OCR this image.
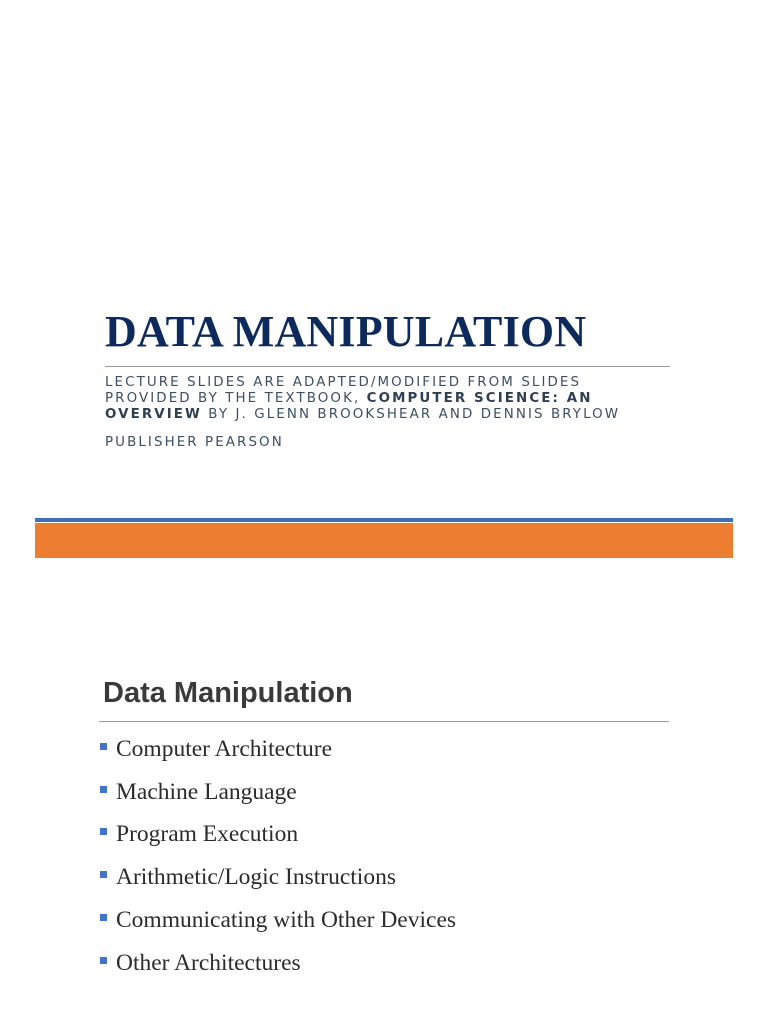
DATA MANIPULATION
LECTURE SLIDES ARE ADAPTED/MODIFIED FROM SLIDES
PROVIDED BY THE TEXTBOOK, COMPUTER SCIENCE: AN
OVERVIEW BY J. GLENN BROOKSHEAR AND DENNIS BRYLOW
PUBLISHER PEARSON
Data Manipulation
Computer Architecture
Machine Language
Program Execution
Arithmetic/Logic Instructions
Communicating with Other Devices
Other Architectures
